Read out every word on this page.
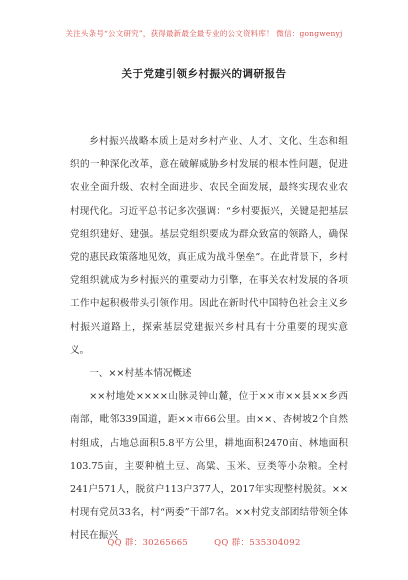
关注头条号“公文研究”，获得最新最全最专业的公文资料库！ 微信：gongwenyj
关于党建引领乡村振兴的调研报告

乡村振兴战略本质上是对乡村产业、人才、文化、生态和组织的一种深化改革，意在破解威胁乡村发展的根本性问题，促进农业全面升级、农村全面进步、农民全面发展，最终实现农业农村现代化。习近平总书记多次强调：“乡村要振兴，关键是把基层党组织建好、建强。基层党组织要成为群众致富的领路人，确保党的惠民政策落地见效，真正成为战斗堡垒”。在此背景下，乡村党组织就成为乡村振兴的重要动力引擎，在事关农村发展的各项工作中起积极带头引领作用。因此在新时代中国特色社会主义乡村振兴道路上，探索基层党建振兴乡村具有十分重要的现实意义。

一、××村基本情况概述

××村地处××××山脉灵钟山麓，位于××市××县××乡西南部，毗邻339国道，距××市66公里。由××、杏树坡2个自然村组成，占地总面积5.8平方公里，耕地面积2470亩、林地面积103.75亩，主要种植土豆、高粱、玉米、豆类等小杂粮。全村241户571人，脱贫户113户377人，2017年实现整村脱贫。××村现有党员33名，村“两委”干部7名。××村党支部团结带领全体村民在振兴

QQ 群：30265665	QQ 群：535304092
